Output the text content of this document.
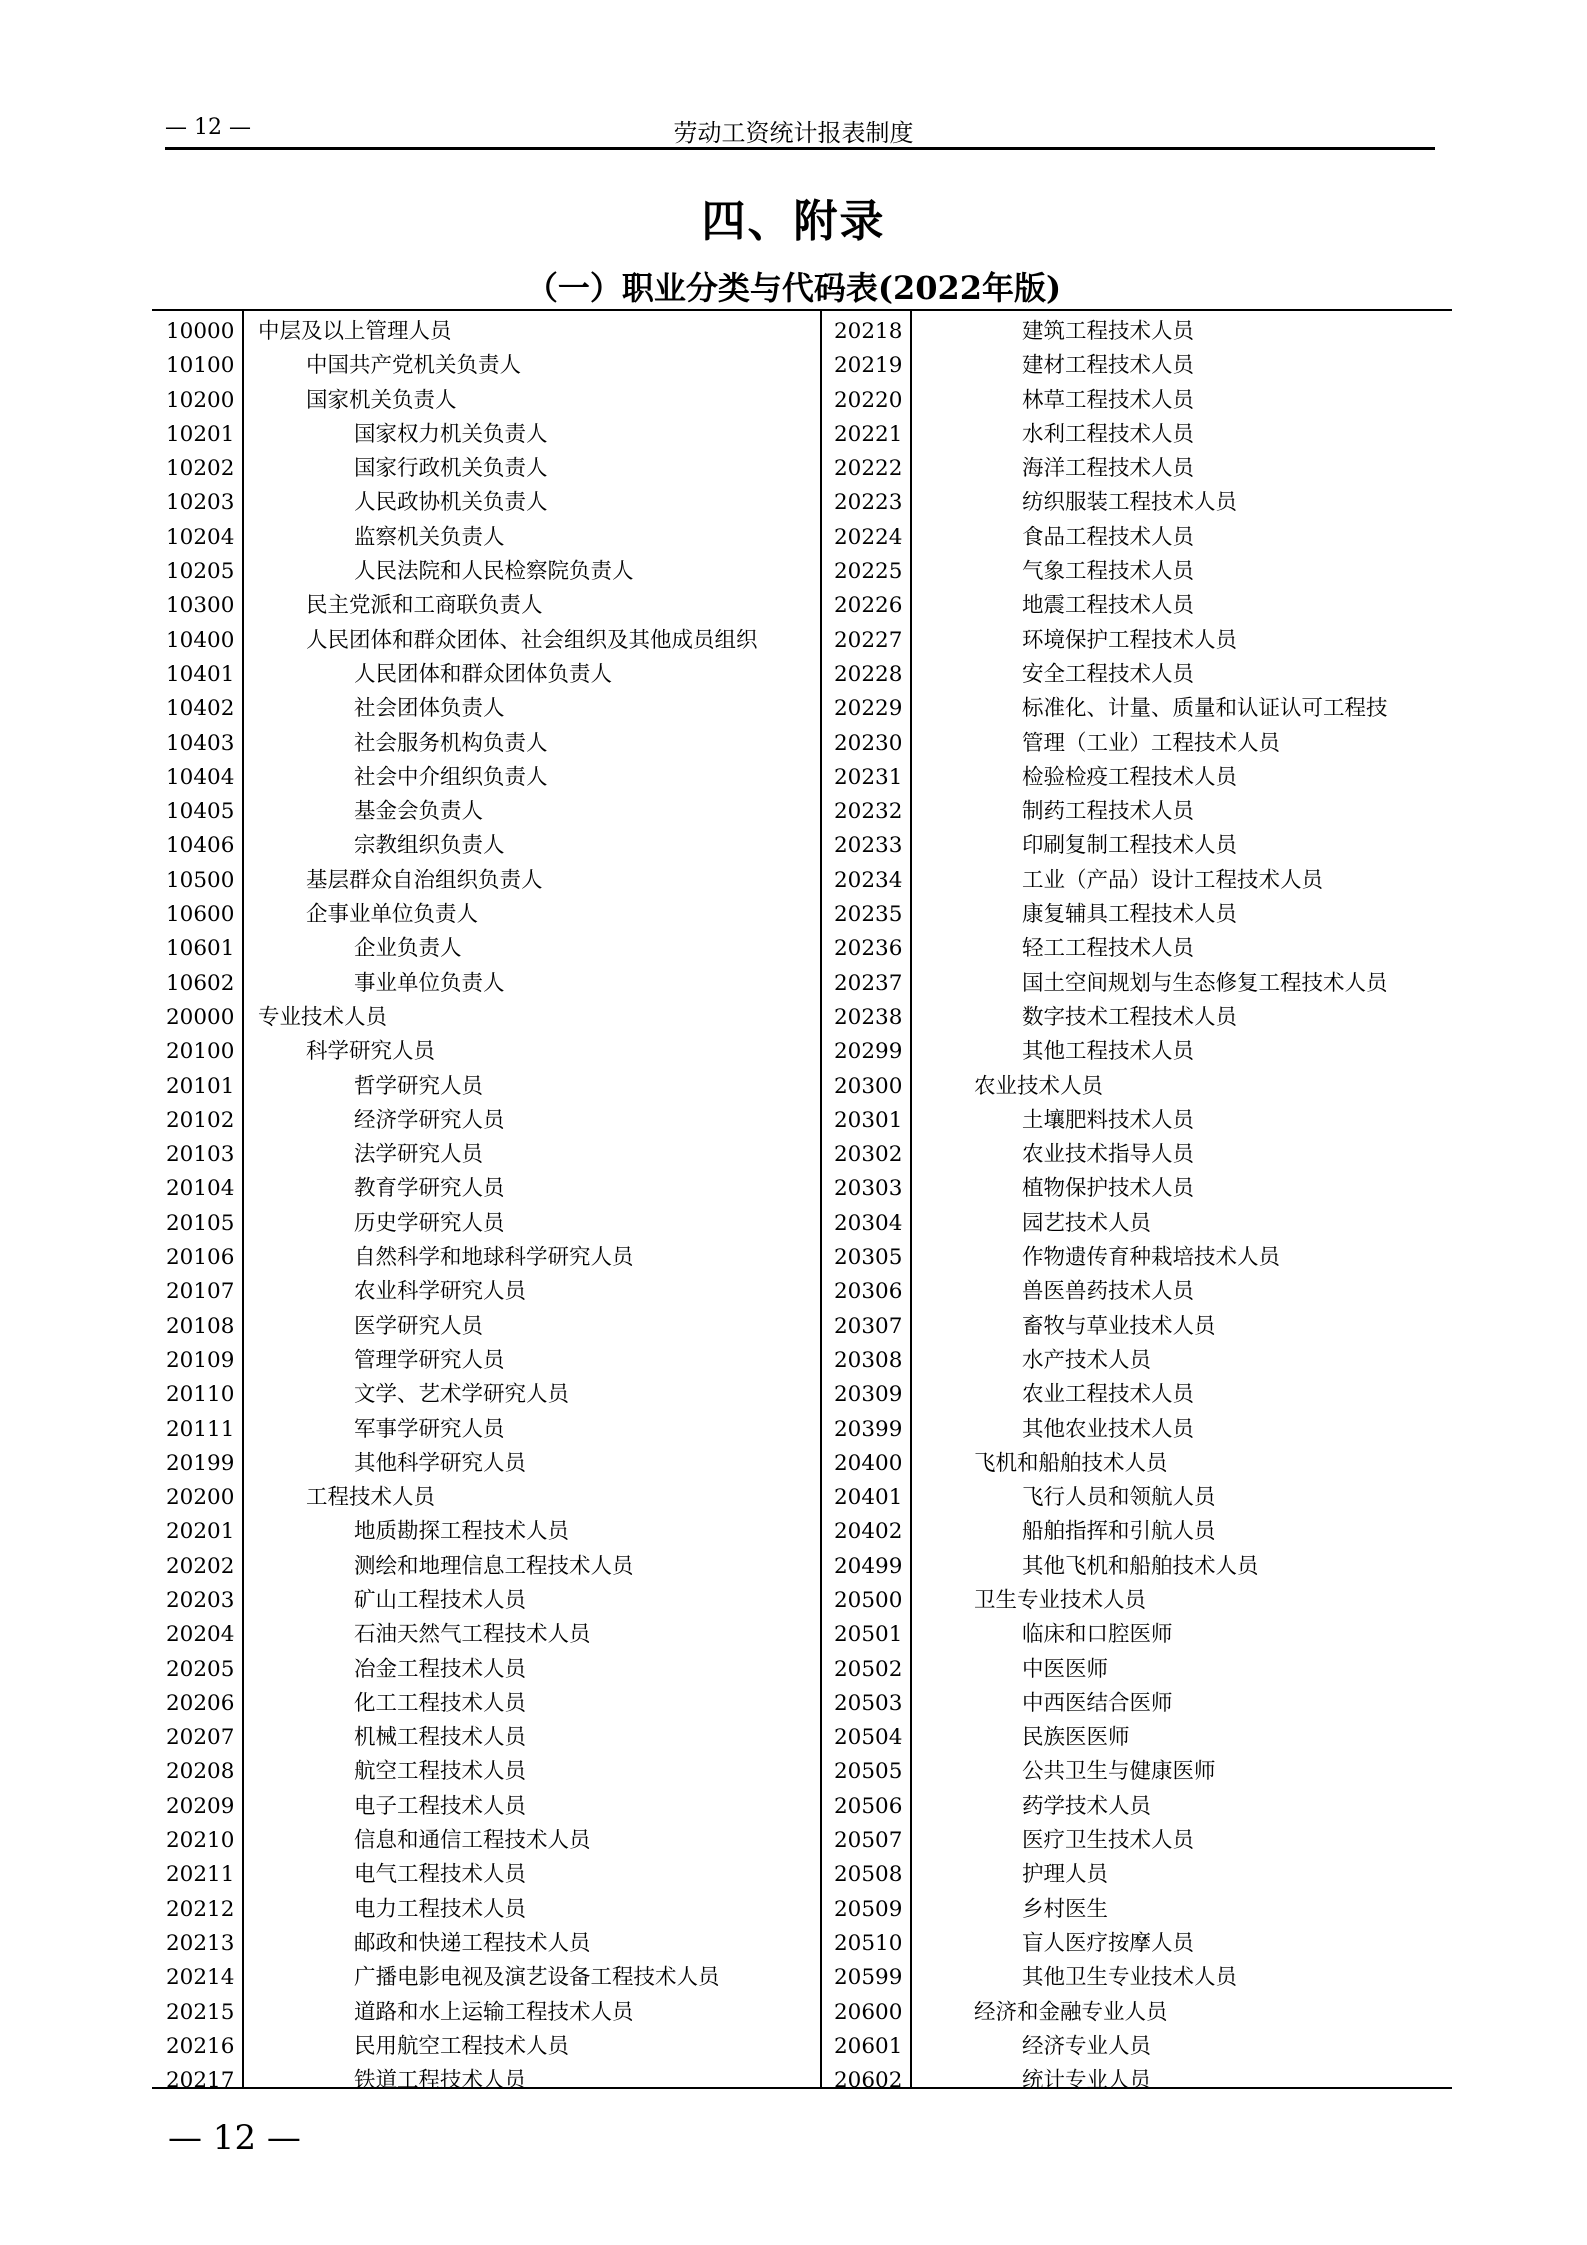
— 12 —	劳动工资统计报表制度
四、附录
（一）职业分类与代码表(2022年版)
10000 中层及以上管理人员
10100	中国共产党机关负责人
10200	国家机关负责人
10201	国家权力机关负责人
10202	国家行政机关负责人
10203	人民政协机关负责人
10204	监察机关负责人
10205	人民法院和人民检察院负责人
10300	民主党派和工商联负责人
10400	人民团体和群众团体、社会组织及其他成员组织
10401	人民团体和群众团体负责人
10402	社会团体负责人
10403	社会服务机构负责人
10404	社会中介组织负责人
10405	基金会负责人
10406	宗教组织负责人
10500	基层群众自治组织负责人
10600	企事业单位负责人
10601	企业负责人
10602	事业单位负责人
20000 专业技术人员
20100	科学研究人员
20101	哲学研究人员
20102	经济学研究人员
20103	法学研究人员
20104	教育学研究人员
20105	历史学研究人员
20106	自然科学和地球科学研究人员
20107	农业科学研究人员
20108	医学研究人员
20109	管理学研究人员
20110	文学、艺术学研究人员
20111	军事学研究人员
20199	其他科学研究人员
20200	工程技术人员
20201	地质勘探工程技术人员
20202	测绘和地理信息工程技术人员
20203	矿山工程技术人员
20204	石油天然气工程技术人员
20205	冶金工程技术人员
20206	化工工程技术人员
20207	机械工程技术人员
20208	航空工程技术人员
20209	电子工程技术人员
20210	信息和通信工程技术人员
20211	电气工程技术人员
20212	电力工程技术人员
20213	邮政和快递工程技术人员
20214	广播电影电视及演艺设备工程技术人员
20215	道路和水上运输工程技术人员
20216	民用航空工程技术人员
20217	铁道工程技术人员
20218	建筑工程技术人员
20219	建材工程技术人员
20220	林草工程技术人员
20221	水利工程技术人员
20222	海洋工程技术人员
20223	纺织服装工程技术人员
20224	食品工程技术人员
20225	气象工程技术人员
20226	地震工程技术人员
20227	环境保护工程技术人员
20228	安全工程技术人员
20229	标准化、计量、质量和认证认可工程技
20230	管理（工业）工程技术人员
20231	检验检疫工程技术人员
20232	制药工程技术人员
20233	印刷复制工程技术人员
20234	工业（产品）设计工程技术人员
20235	康复辅具工程技术人员
20236	轻工工程技术人员
20237	国土空间规划与生态修复工程技术人员
20238	数字技术工程技术人员
20299	其他工程技术人员
20300	农业技术人员
20301	土壤肥料技术人员
20302	农业技术指导人员
20303	植物保护技术人员
20304	园艺技术人员
20305	作物遗传育种栽培技术人员
20306	兽医兽药技术人员
20307	畜牧与草业技术人员
20308	水产技术人员
20309	农业工程技术人员
20399	其他农业技术人员
20400	飞机和船舶技术人员
20401	飞行人员和领航人员
20402	船舶指挥和引航人员
20499	其他飞机和船舶技术人员
20500	卫生专业技术人员
20501	临床和口腔医师
20502	中医医师
20503	中西医结合医师
20504	民族医医师
20505	公共卫生与健康医师
20506	药学技术人员
20507	医疗卫生技术人员
20508	护理人员
20509	乡村医生
20510	盲人医疗按摩人员
20599	其他卫生专业技术人员
20600	经济和金融专业人员
20601	经济专业人员
20602	统计专业人员
— 12 —
